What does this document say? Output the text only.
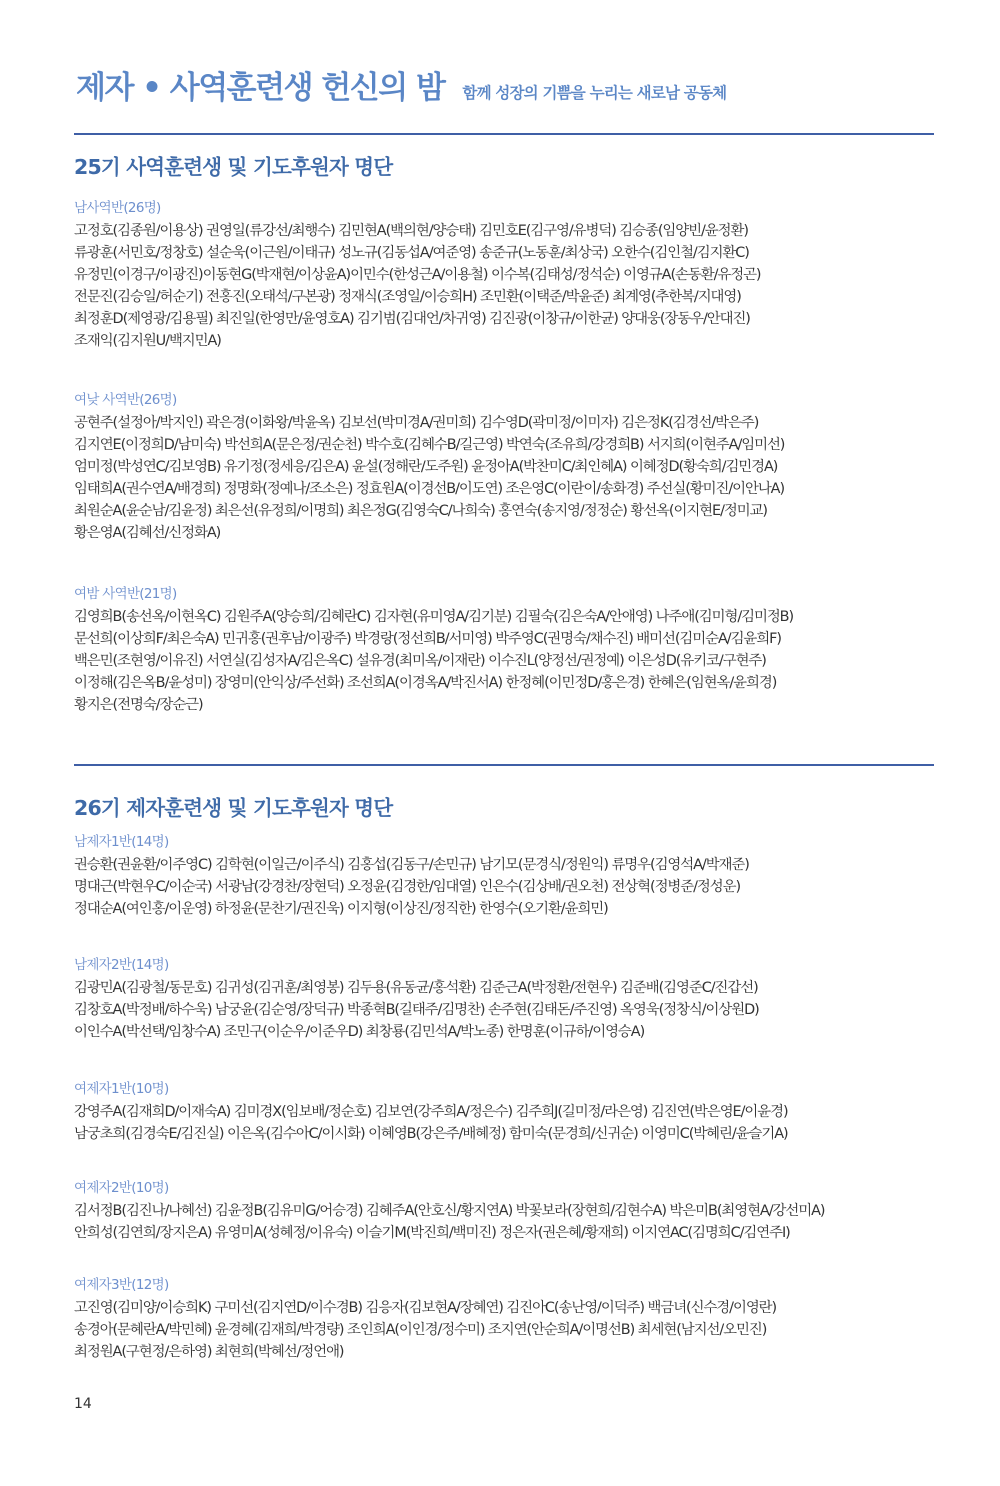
제자 • 사역훈련생 헌신의 밤 함께 성장의 기쁨을 누리는 새로남 공동체
25기 사역훈련생 및 기도후원자 명단
남사역반(26명)
고정호(김종원/이용상) 권영일(류강선/최행수) 김민현A(백의현/양승태) 김민호E(김구영/유병덕) 김승종(임양빈/윤정환)
류광훈(서민호/정창호) 설순욱(이근원/이태규) 성노규(김동섭A/여준영) 송준규(노동훈/최상국) 오한수(김인철/김지환C)
유정민(이경구/이광진)이동현G(박재현/이상윤A)이민수(한성근A/이용철) 이수복(김태성/정석순) 이영규A(손동환/유정곤)
전문진(김승일/허순기) 전홍진(오태석/구본광) 정재식(조영일/이승희H) 조민환(이택준/박윤준) 최계영(추한복/지대영)
최정훈D(제영광/김용필) 최진일(한영만/윤영호A) 김기범(김대언/차귀영) 김진광(이창규/이한균) 양대웅(장동우/안대진)
조재익(김지원U/백지민A)
여낮 사역반(26명)
공현주(설정아/박지인) 곽은경(이화왕/박윤옥) 김보선(박미경A/권미희) 김수영D(곽미정/이미자) 김은정K(김경선/박은주)
김지연E(이정희D/남미숙) 박선희A(문은정/권순천) 박수호(김혜수B/길근영) 박연숙(조유희/강경희B) 서지희(이현주A/임미선)
엄미정(박성연C/김보영B) 유기정(정세응/김은A) 윤설(정해란/도주원) 윤정아A(박찬미C/최인혜A) 이혜정D(황숙희/김민경A)
임태희A(권수연A/배경희) 정명화(정예나/조소은) 정효원A(이경선B/이도연) 조은영C(이란이/송화경) 주선실(황미진/이안나A)
최원순A(윤순남/김윤정) 최은선(유정희/이명희) 최은정G(김영숙C/나희숙) 홍연숙(송지영/정정순) 황선옥(이지현E/정미교)
황은영A(김혜선/신정화A)
여밤 사역반(21명)
김영희B(송선옥/이현옥C) 김원주A(양승희/김혜란C) 김자현(유미영A/김기분) 김필숙(김은숙A/안애영) 나주애(김미형/김미정B)
문선희(이상희F/최은숙A) 민귀홍(권후남/이광주) 박경랑(정선희B/서미영) 박주영C(권명숙/채수진) 배미선(김미순A/김윤희F)
백은민(조현영/이유진) 서연실(김성자A/김은옥C) 설유경(최미옥/이재란) 이수진L(양정선/권정예) 이은성D(유키코/구현주)
이정해(김은옥B/윤성미) 장영미(안익상/주선화) 조선희A(이경옥A/박진서A) 한정혜(이민정D/홍은경) 한혜은(임현옥/윤희경)
황지은(전명숙/장순근)
26기 제자훈련생 및 기도후원자 명단
남제자1반(14명)
권승환(권윤환/이주영C) 김학현(이일근/이주식) 김홍섭(김동구/손민규) 남기모(문경식/정원익) 류명우(김영석A/박재준)
명대근(박현우C/이순국) 서광남(강경찬/장현덕) 오정윤(김경한/임대열) 인은수(김상배/권오천) 전상혁(정병준/정성운)
정대순A(여인홍/이운영) 하정윤(문찬기/권진욱) 이지형(이상진/정직한) 한영수(오기환/윤희민)
남제자2반(14명)
김광민A(김광철/동문호) 김귀성(김귀훈/최영봉) 김두용(유동균/홍석환) 김준근A(박정환/전현우) 김준배(김영준C/진갑선)
김창호A(박정배/하수욱) 남궁윤(김순영/장덕규) 박종혁B(길태주/김명찬) 손주현(김태돈/주진영) 옥영욱(정창식/이상원D)
이인수A(박선택/임창수A) 조민구(이순우/이준우D) 최창룡(김민석A/박노종) 한명훈(이규하/이영승A)
여제자1반(10명)
강영주A(김재희D/이재숙A) 김미경X(임보배/정순호) 김보연(강주희A/정은수) 김주희J(길미정/라은영) 김진연(박은영E/이윤경)
남궁초희(김경숙E/김진실) 이은옥(김수아C/이시화) 이혜영B(강은주/배혜정) 함미숙(문경희/신귀순) 이영미C(박혜린/윤슬기A)
여제자2반(10명)
김서정B(김진나/나혜선) 김윤정B(김유미G/어승경) 김혜주A(안호신/황지연A) 박꽃보라(장현희/김현수A) 박은미B(최영현A/강선미A)
안희성(김연희/장지은A) 유영미A(성혜정/이유숙) 이슬기M(박진희/백미진) 정은자(권은혜/황재희) 이지연AC(김명희C/김연주I)
여제자3반(12명)
고진영(김미양/이승희K) 구미선(김지연D/이수경B) 김응자(김보현A/장혜연) 김진아C(송난영/이덕주) 백금녀(신수경/이영란)
송경아(문혜란A/박민혜) 윤경혜(김재희/박경량) 조인희A(이인경/정수미) 조지연(안순희A/이명선B) 최세현(남지선/오민진)
최정원A(구현정/은하영) 최현희(박혜선/정언애)
14
